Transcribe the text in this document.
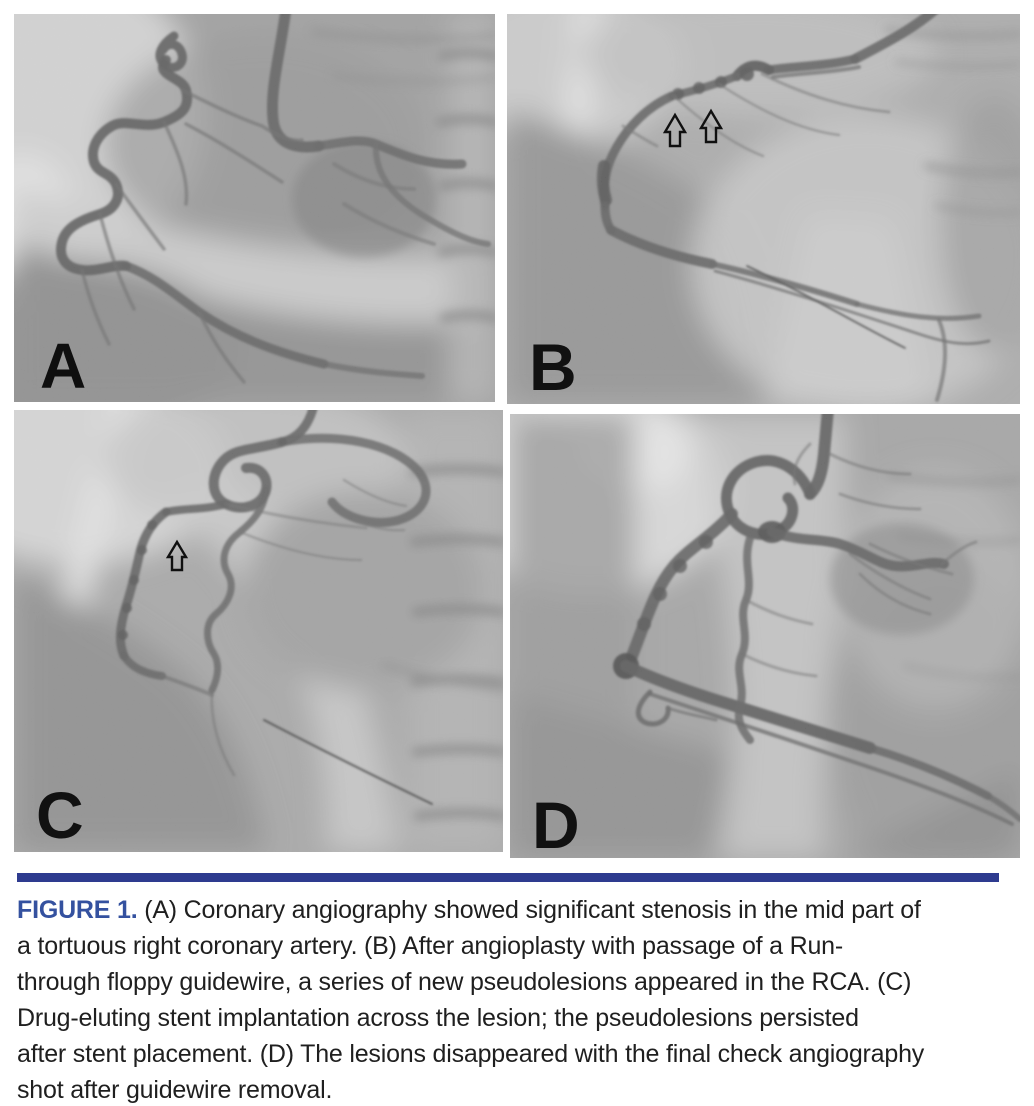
A	B
C	D
FIGURE 1. (A) Coronary angiography showed significant stenosis in the mid part of
a tortuous right coronary artery. (B) After angioplasty with passage of a Run-
through floppy guidewire, a series of new pseudolesions appeared in the RCA. (C)
Drug-eluting stent implantation across the lesion; the pseudolesions persisted
after stent placement. (D) The lesions disappeared with the final check angiography
shot after guidewire removal.
